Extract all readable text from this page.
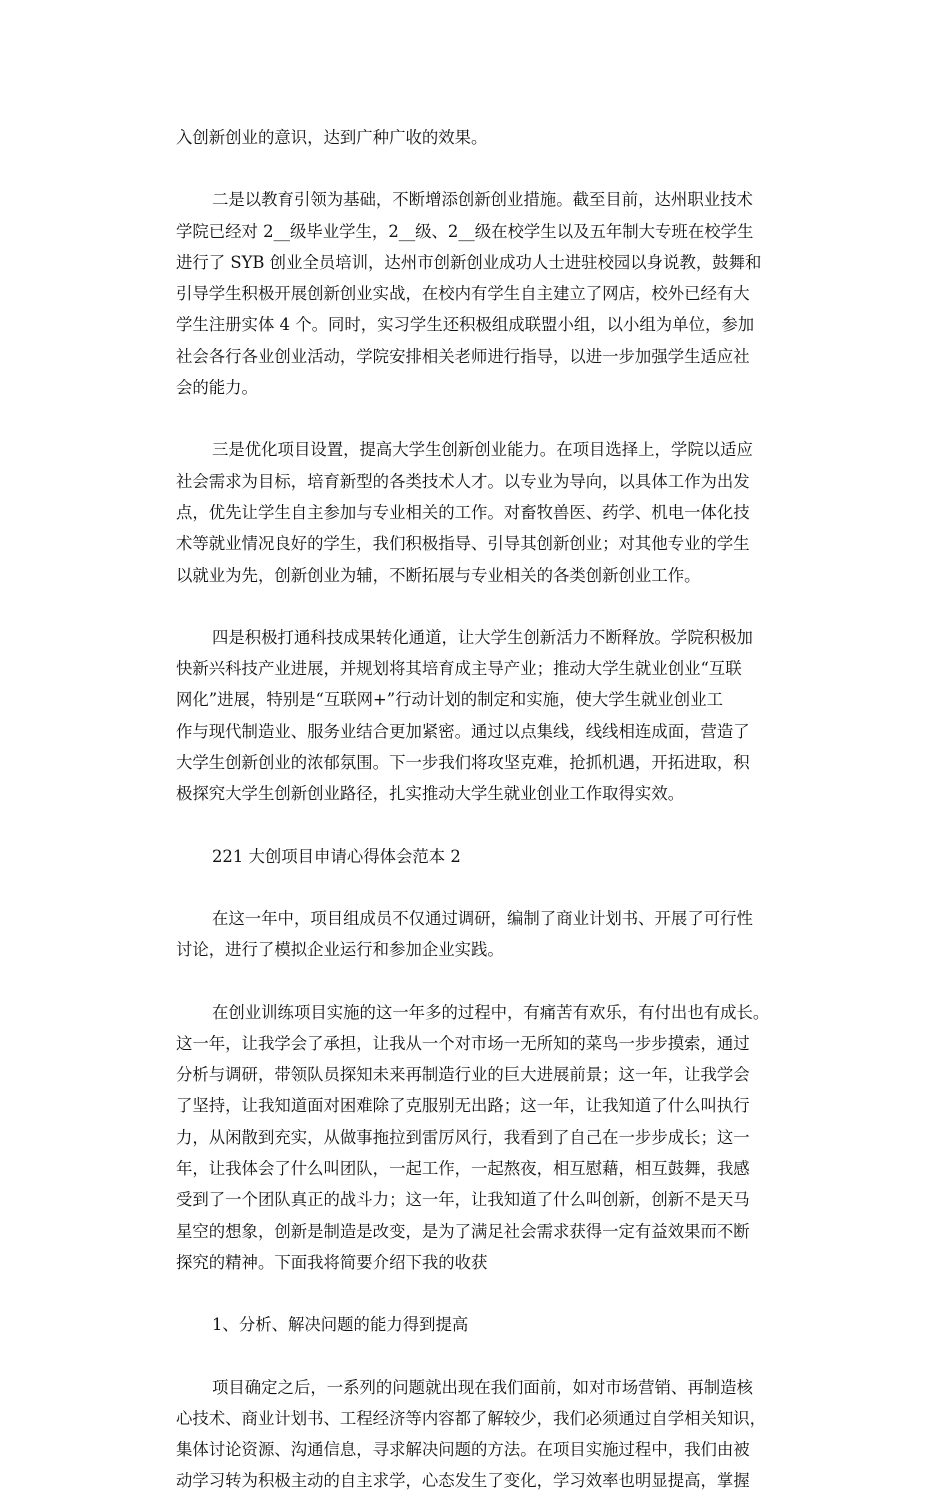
入创新创业的意识，达到广种广收的效果。

二是以教育引领为基础，不断增添创新创业措施。截至目前，达州职业技术
学院已经对 2__级毕业学生，2__级、2__级在校学生以及五年制大专班在校学生
进行了 SYB 创业全员培训，达州市创新创业成功人士进驻校园以身说教，鼓舞和
引导学生积极开展创新创业实战，在校内有学生自主建立了网店，校外已经有大
学生注册实体 4 个。同时，实习学生还积极组成联盟小组，以小组为单位，参加
社会各行各业创业活动，学院安排相关老师进行指导，以进一步加强学生适应社
会的能力。

三是优化项目设置，提高大学生创新创业能力。在项目选择上，学院以适应
社会需求为目标，培育新型的各类技术人才。以专业为导向，以具体工作为出发
点，优先让学生自主参加与专业相关的工作。对畜牧兽医、药学、机电一体化技
术等就业情况良好的学生，我们积极指导、引导其创新创业；对其他专业的学生
以就业为先，创新创业为辅，不断拓展与专业相关的各类创新创业工作。

四是积极打通科技成果转化通道，让大学生创新活力不断释放。学院积极加
快新兴科技产业进展，并规划将其培育成主导产业；推动大学生就业创业“互联
网化”进展，特别是“互联网+”行动计划的制定和实施，使大学生就业创业工
作与现代制造业、服务业结合更加紧密。通过以点集线，线线相连成面，营造了
大学生创新创业的浓郁氛围。下一步我们将攻坚克难，抢抓机遇，开拓进取，积
极探究大学生创新创业路径，扎实推动大学生就业创业工作取得实效。

221 大创项目申请心得体会范本 2

在这一年中，项目组成员不仅通过调研，编制了商业计划书、开展了可行性
讨论，进行了模拟企业运行和参加企业实践。

在创业训练项目实施的这一年多的过程中，有痛苦有欢乐，有付出也有成长。
这一年，让我学会了承担，让我从一个对市场一无所知的菜鸟一步步摸索，通过
分析与调研，带领队员探知未来再制造行业的巨大进展前景；这一年，让我学会
了坚持，让我知道面对困难除了克服别无出路；这一年，让我知道了什么叫执行
力，从闲散到充实，从做事拖拉到雷厉风行，我看到了自己在一步步成长；这一
年，让我体会了什么叫团队，一起工作，一起熬夜，相互慰藉，相互鼓舞，我感
受到了一个团队真正的战斗力；这一年，让我知道了什么叫创新，创新不是天马
星空的想象，创新是制造是改变，是为了满足社会需求获得一定有益效果而不断
探究的精神。下面我将简要介绍下我的收获

1、分析、解决问题的能力得到提高

项目确定之后，一系列的问题就出现在我们面前，如对市场营销、再制造核
心技术、商业计划书、工程经济等内容都了解较少，我们必须通过自学相关知识，
集体讨论资源、沟通信息，寻求解决问题的方法。在项目实施过程中，我们由被
动学习转为积极主动的自主求学，心态发生了变化，学习效率也明显提高，掌握
